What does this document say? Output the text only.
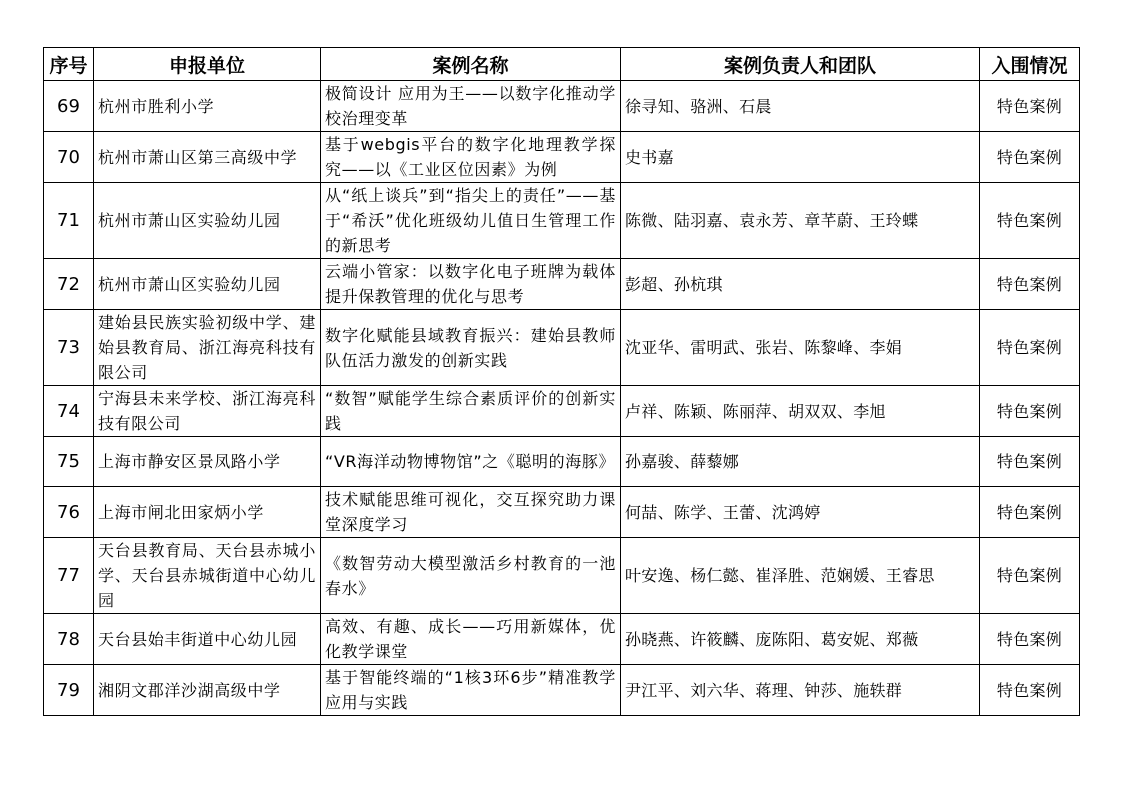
序号	申报单位	案例名称	案例负责人和团队	入围情况
69	杭州市胜利小学	极简设计 应用为王——以数字化推动学校治理变革	徐寻知、骆洲、石晨	特色案例
70	杭州市萧山区第三高级中学	基于webgis平台的数字化地理教学探究——以《工业区位因素》为例	史书嘉	特色案例
71	杭州市萧山区实验幼儿园	从“纸上谈兵”到“指尖上的责任”——基于“希沃”优化班级幼儿值日生管理工作的新思考	陈微、陆羽嘉、袁永芳、章芊蔚、王玲蝶	特色案例
72	杭州市萧山区实验幼儿园	云端小管家：以数字化电子班牌为载体提升保教管理的优化与思考	彭超、孙杭琪	特色案例
73	建始县民族实验初级中学、建始县教育局、浙江海亮科技有限公司	数字化赋能县域教育振兴：建始县教师队伍活力激发的创新实践	沈亚华、雷明武、张岩、陈黎峰、李娟	特色案例
74	宁海县未来学校、浙江海亮科技有限公司	“数智”赋能学生综合素质评价的创新实践	卢祥、陈颖、陈丽萍、胡双双、李旭	特色案例
75	上海市静安区景凤路小学	“VR海洋动物博物馆”之《聪明的海豚》	孙嘉骏、薛藜娜	特色案例
76	上海市闸北田家炳小学	技术赋能思维可视化，交互探究助力课堂深度学习	何喆、陈学、王蕾、沈鸿婷	特色案例
77	天台县教育局、天台县赤城小学、天台县赤城街道中心幼儿园	《数智劳动大模型激活乡村教育的一池春水》	叶安逸、杨仁懿、崔泽胜、范娴媛、王睿思	特色案例
78	天台县始丰街道中心幼儿园	高效、有趣、成长——巧用新媒体，优化教学课堂	孙晓燕、许筱麟、庞陈阳、葛安妮、郑薇	特色案例
79	湘阴文郡洋沙湖高级中学	基于智能终端的“1核3环6步”精准教学应用与实践	尹江平、刘六华、蒋理、钟莎、施轶群	特色案例
